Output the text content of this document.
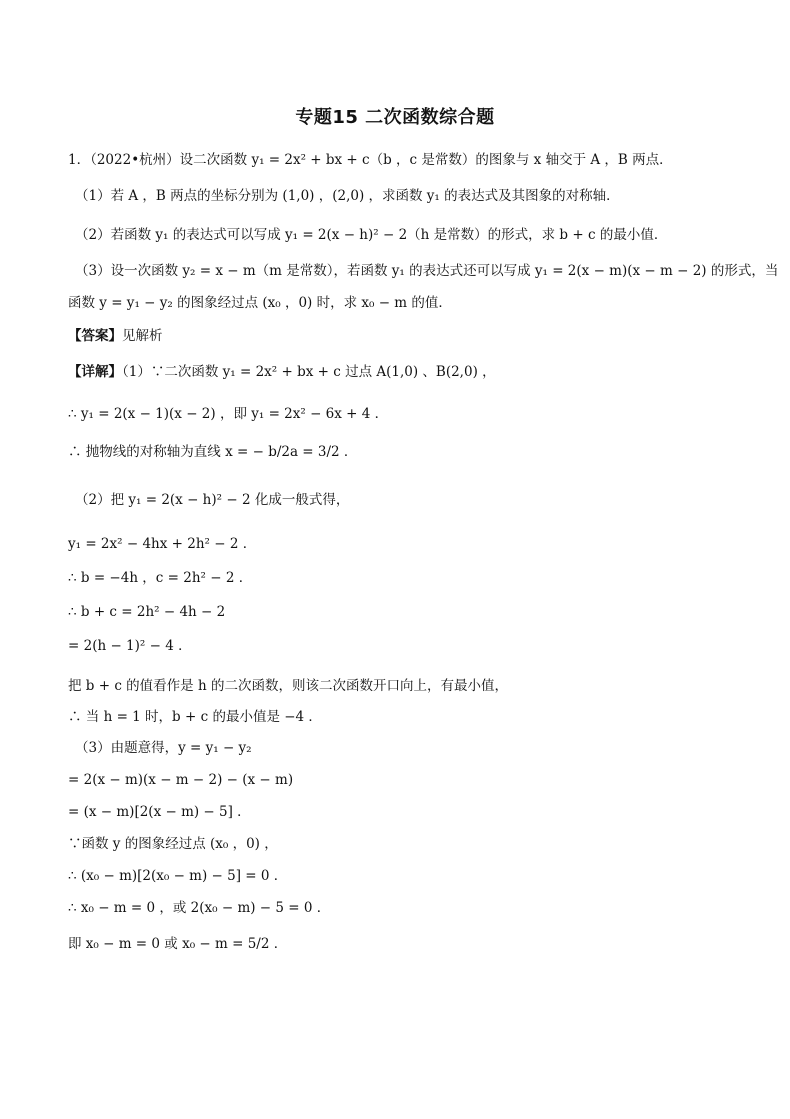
专题15 二次函数综合题
1．（2022•杭州）设二次函数 y₁ = 2x² + bx + c（b ，c 是常数）的图象与 x 轴交于 A ，B 两点．
（1）若 A ，B 两点的坐标分别为 (1,0) ，(2,0) ，求函数 y₁ 的表达式及其图象的对称轴．
（2）若函数 y₁ 的表达式可以写成 y₁ = 2(x − h)² − 2（h 是常数）的形式，求 b + c 的最小值．
（3）设一次函数 y₂ = x − m（m 是常数），若函数 y₁ 的表达式还可以写成 y₁ = 2(x − m)(x − m − 2) 的形式，当
函数 y = y₁ − y₂ 的图象经过点 (x₀ ，0) 时，求 x₀ − m 的值．
【答案】见解析
【详解】（1）∵二次函数 y₁ = 2x² + bx + c 过点 A(1,0) 、B(2,0) ，
∴ y₁ = 2(x − 1)(x − 2) ，即 y₁ = 2x² − 6x + 4 ．
∴ 抛物线的对称轴为直线 x = − b/2a = 3/2 ．
（2）把 y₁ = 2(x − h)² − 2 化成一般式得，
y₁ = 2x² − 4hx + 2h² − 2 ．
∴ b = −4h ，c = 2h² − 2 ．
∴ b + c = 2h² − 4h − 2
= 2(h − 1)² − 4 ．
把 b + c 的值看作是 h 的二次函数，则该二次函数开口向上，有最小值，
∴ 当 h = 1 时，b + c 的最小值是 −4 ．
（3）由题意得，y = y₁ − y₂
= 2(x − m)(x − m − 2) − (x − m)
= (x − m)[2(x − m) − 5] ．
∵函数 y 的图象经过点 (x₀ ，0) ，
∴ (x₀ − m)[2(x₀ − m) − 5] = 0 ．
∴ x₀ − m = 0 ，或 2(x₀ − m) − 5 = 0 ．
即 x₀ − m = 0 或 x₀ − m = 5/2 ．
